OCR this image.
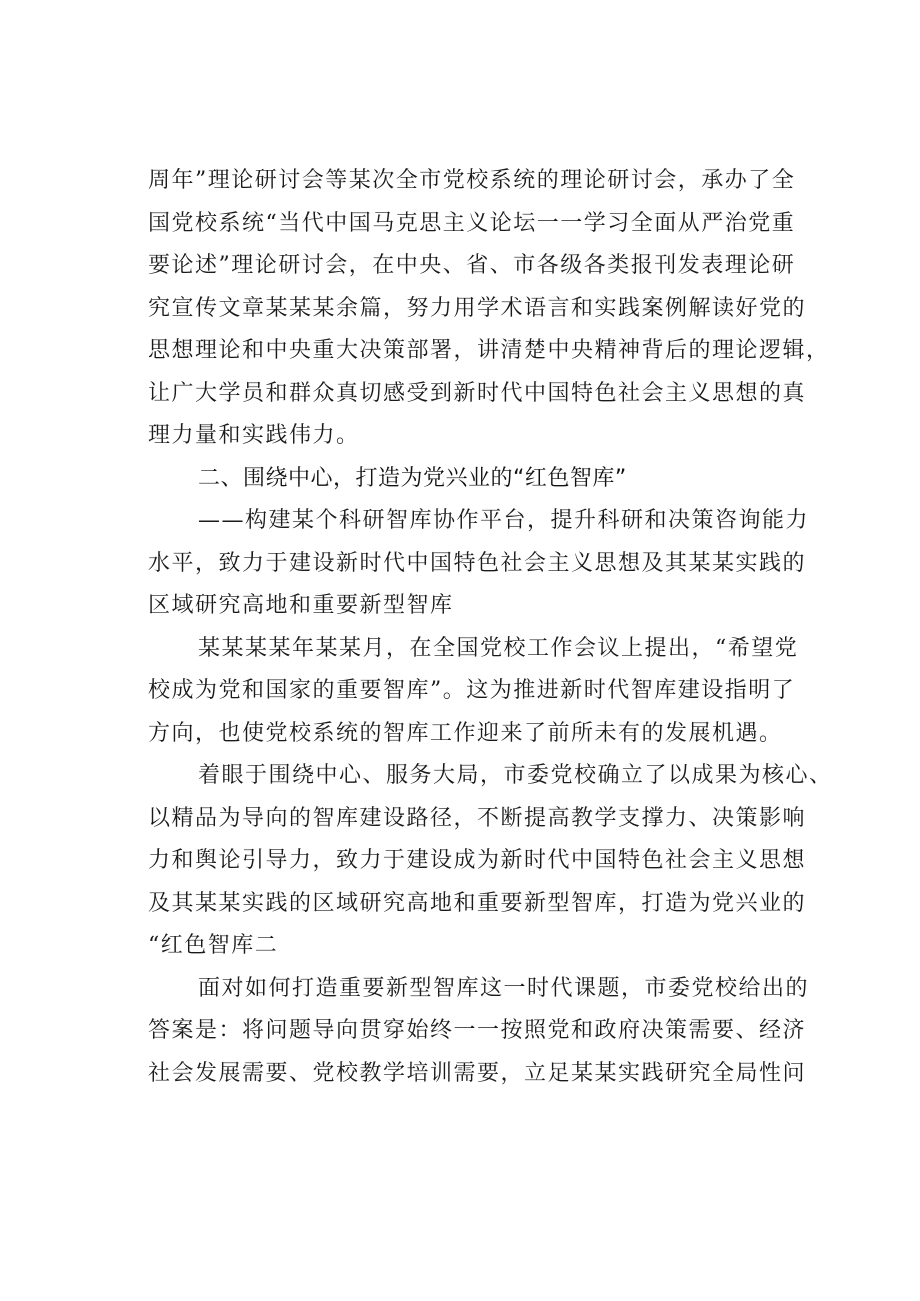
周年”理论研讨会等某次全市党校系统的理论研讨会，承办了全
国党校系统“当代中国马克思主义论坛一一学习全面从严治党重
要论述”理论研讨会，在中央、省、市各级各类报刊发表理论研
究宣传文章某某某余篇，努力用学术语言和实践案例解读好党的
思想理论和中央重大决策部署，讲清楚中央精神背后的理论逻辑，
让广大学员和群众真切感受到新时代中国特色社会主义思想的真
理力量和实践伟力。
二、围绕中心，打造为党兴业的“红色智库”
——构建某个科研智库协作平台，提升科研和决策咨询能力
水平，致力于建设新时代中国特色社会主义思想及其某某实践的
区域研究高地和重要新型智库
某某某某年某某月，在全国党校工作会议上提出，“希望党
校成为党和国家的重要智库”。这为推进新时代智库建设指明了
方向，也使党校系统的智库工作迎来了前所未有的发展机遇。
着眼于围绕中心、服务大局，市委党校确立了以成果为核心、
以精品为导向的智库建设路径，不断提高教学支撑力、决策影响
力和舆论引导力，致力于建设成为新时代中国特色社会主义思想
及其某某实践的区域研究高地和重要新型智库，打造为党兴业的
“红色智库二
面对如何打造重要新型智库这一时代课题，市委党校给出的
答案是：将问题导向贯穿始终一一按照党和政府决策需要、经济
社会发展需要、党校教学培训需要，立足某某实践研究全局性问
